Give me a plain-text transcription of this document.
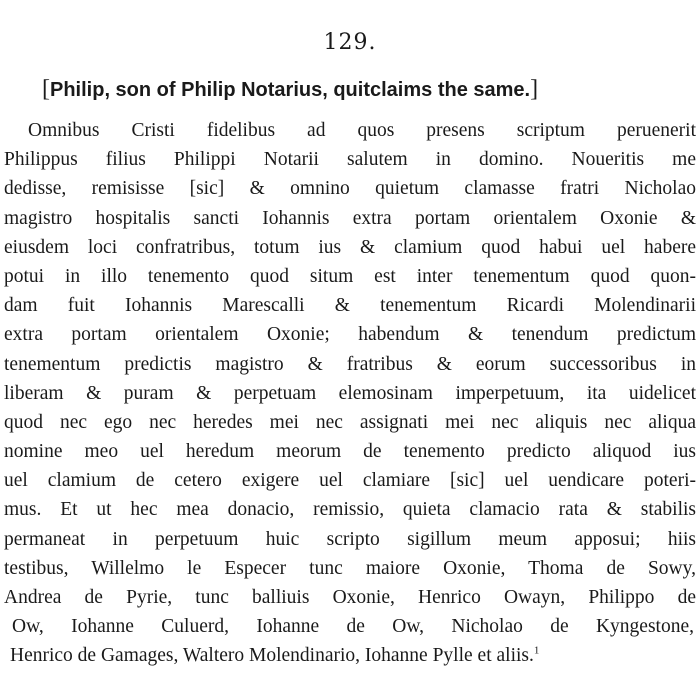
129.
[Philip, son of Philip Notarius, quitclaims the same.]
Omnibus Cristi fidelibus ad quos presens scriptum peruenerit
Philippus filius Philippi Notarii salutem in domino. Noueritis me
dedisse, remisisse [sic] & omnino quietum clamasse fratri Nicholao
magistro hospitalis sancti Iohannis extra portam orientalem Oxonie &
eiusdem loci confratribus, totum ius & clamium quod habui uel habere
potui in illo tenemento quod situm est inter tenementum quod quon-
dam fuit Iohannis Marescalli & tenementum Ricardi Molendinarii
extra portam orientalem Oxonie; habendum & tenendum predictum
tenementum predictis magistro & fratribus & eorum successoribus in
liberam & puram & perpetuam elemosinam imperpetuum, ita uidelicet
quod nec ego nec heredes mei nec assignati mei nec aliquis nec aliqua
nomine meo uel heredum meorum de tenemento predicto aliquod ius
uel clamium de cetero exigere uel clamiare [sic] uel uendicare poteri-
mus. Et ut hec mea donacio, remissio, quieta clamacio rata & stabilis
permaneat in perpetuum huic scripto sigillum meum apposui; hiis
testibus, Willelmo le Especer tunc maiore Oxonie, Thoma de Sowy,
Andrea de Pyrie, tunc balliuis Oxonie, Henrico Owayn, Philippo de
Ow, Iohanne Culuerd, Iohanne de Ow, Nicholao de Kyngestone,
Henrico de Gamages, Waltero Molendinario, Iohanne Pylle et aliis.$^1$
